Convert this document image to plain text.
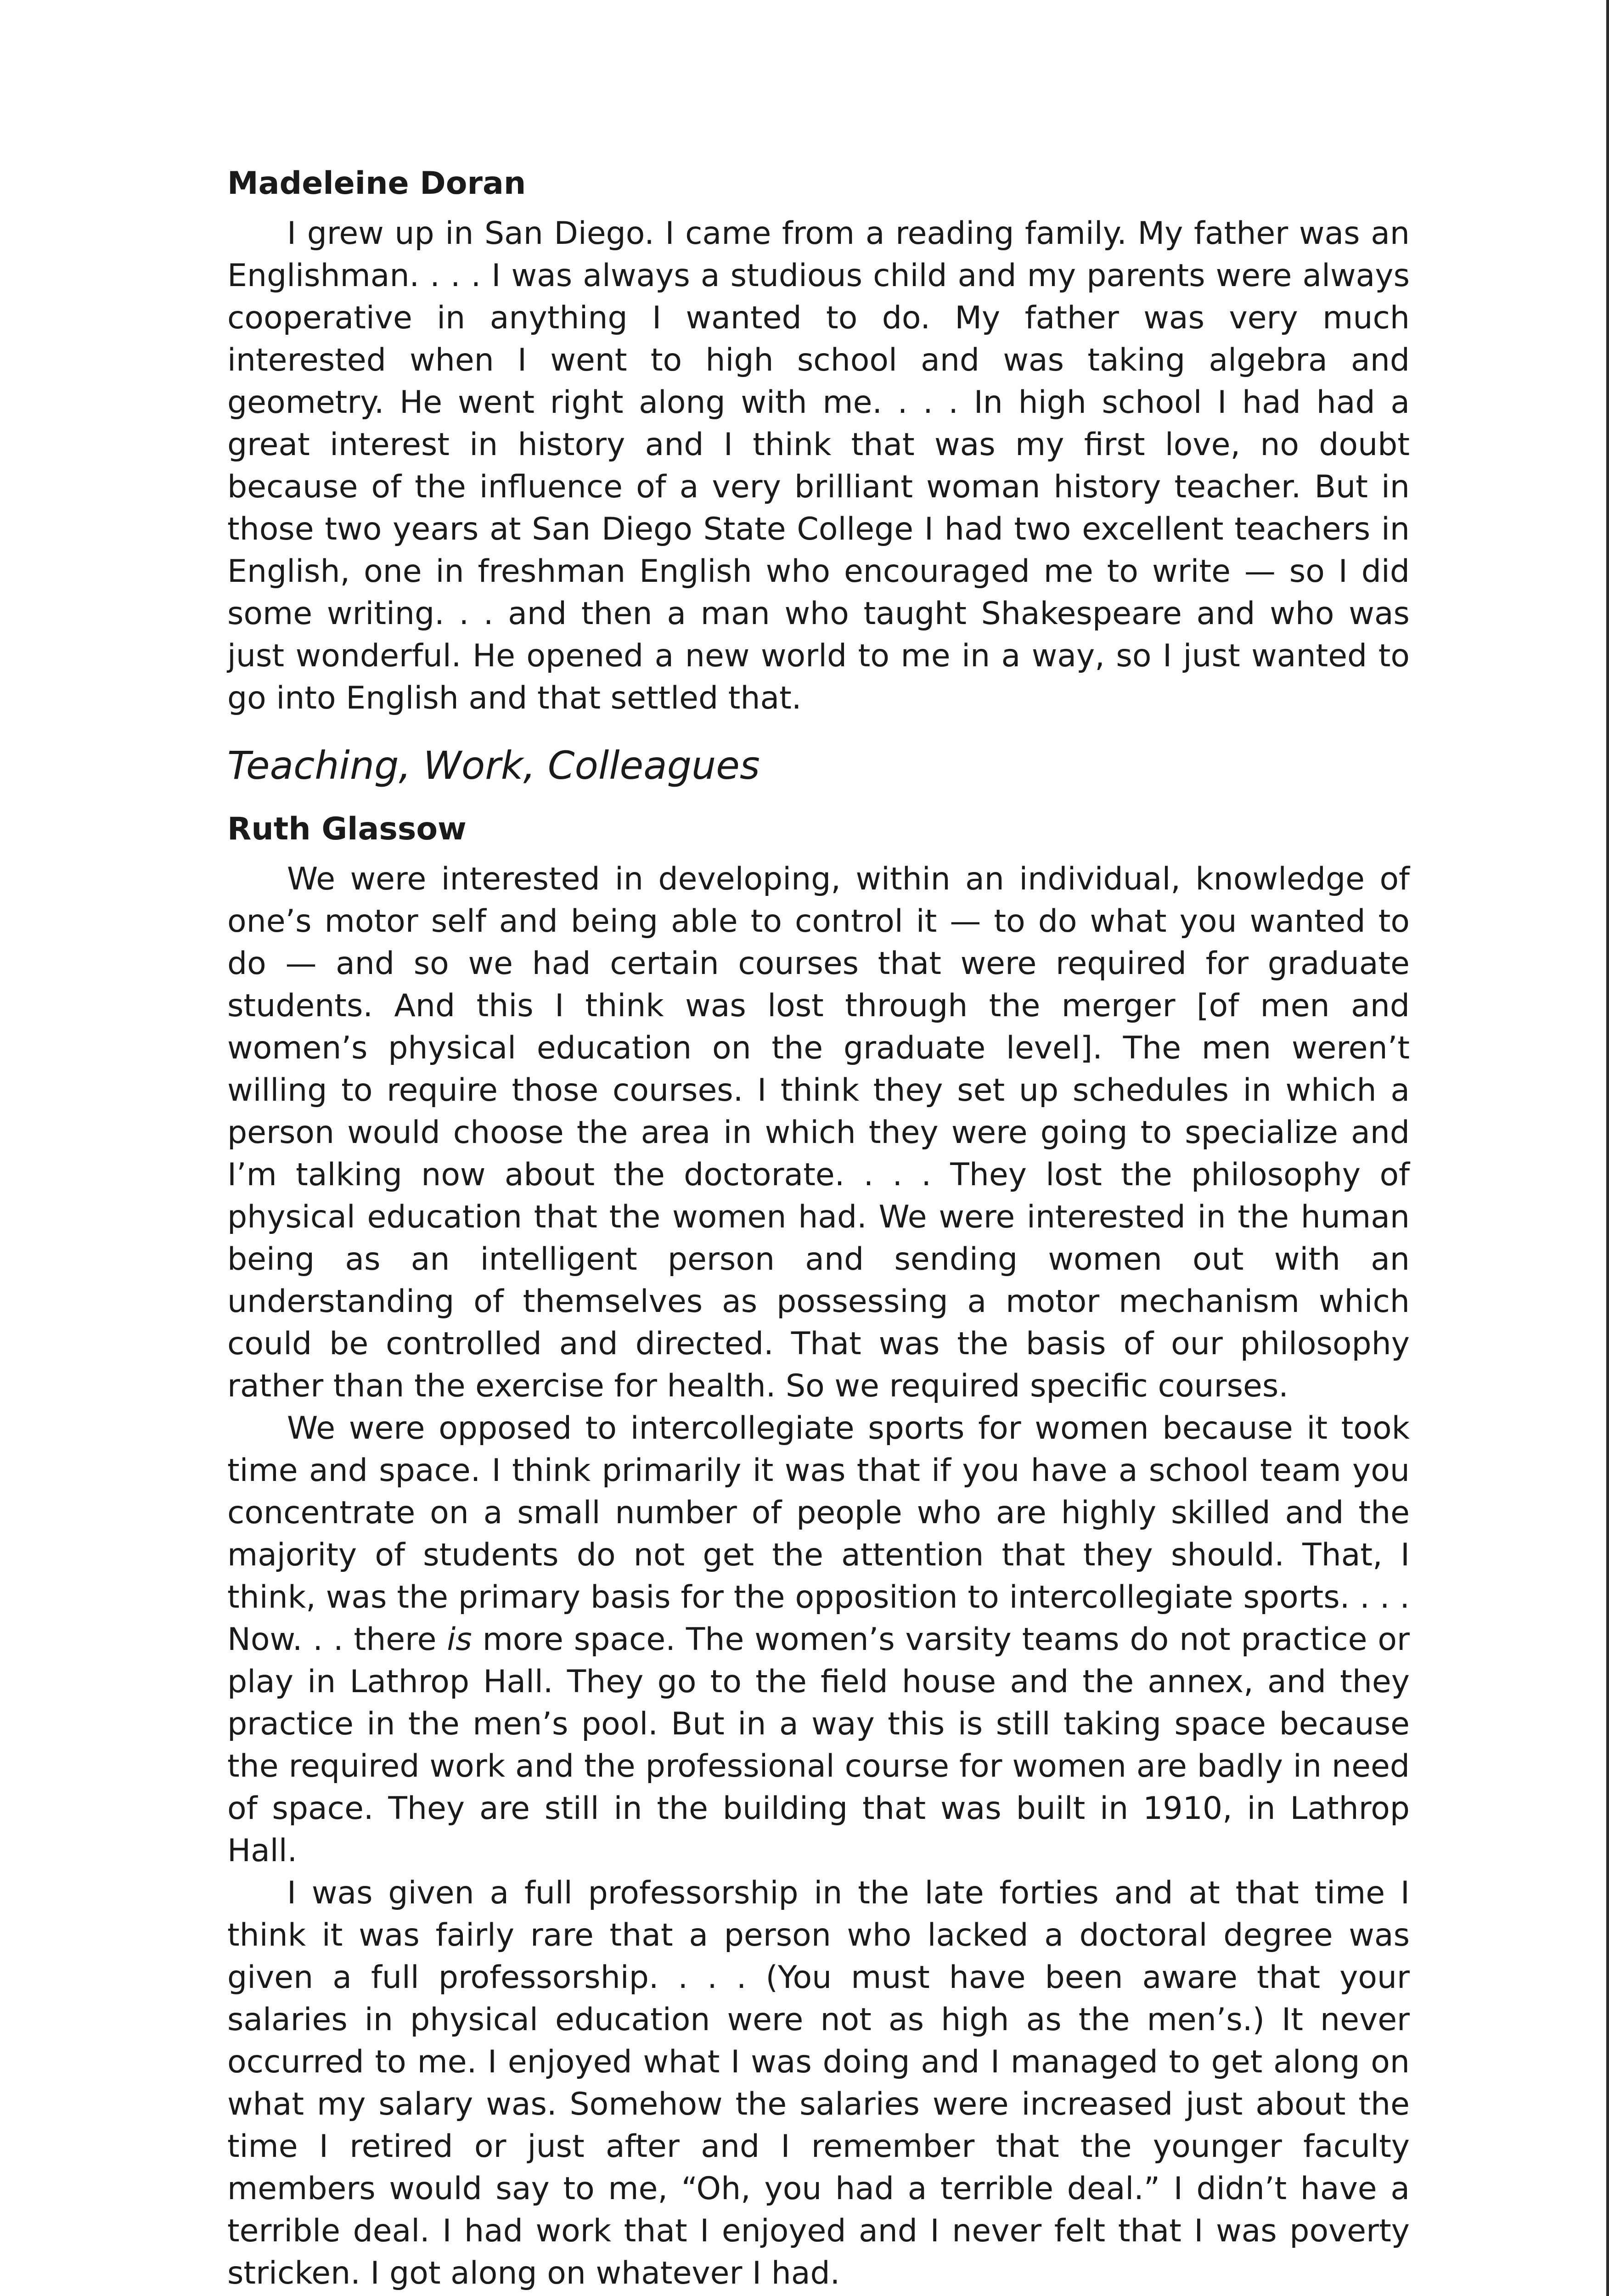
Madeleine Doran

I grew up in San Diego. I came from a reading family. My father was an Englishman. . . . I was always a studious child and my parents were always cooperative in anything I wanted to do. My father was very much interested when I went to high school and was taking algebra and geometry. He went right along with me. . . . In high school I had had a great interest in history and I think that was my first love, no doubt because of the influence of a very brilliant woman history teacher. But in those two years at San Diego State College I had two excellent teachers in English, one in freshman English who encouraged me to write — so I did some writing. . . and then a man who taught Shakespeare and who was just wonderful. He opened a new world to me in a way, so I just wanted to go into English and that settled that.

Teaching, Work, Colleagues
Ruth Glassow

We were interested in developing, within an individual, knowledge of one’s motor self and being able to control it — to do what you wanted to do — and so we had certain courses that were required for graduate students. And this I think was lost through the merger [of men and women’s physical education on the graduate level]. The men weren’t willing to require those courses. I think they set up schedules in which a person would choose the area in which they were going to specialize and I’m talking now about the doctorate. . . . They lost the philosophy of physical education that the women had. We were interested in the human being as an intelligent person and sending women out with an understanding of themselves as possessing a motor mechanism which could be controlled and directed. That was the basis of our philosophy rather than the exercise for health. So we required specific courses.

We were opposed to intercollegiate sports for women because it took time and space. I think primarily it was that if you have a school team you concentrate on a small number of people who are highly skilled and the majority of students do not get the attention that they should. That, I think, was the primary basis for the opposition to intercollegiate sports. . . . Now. . . there is more space. The women’s varsity teams do not practice or play in Lathrop Hall. They go to the field house and the annex, and they practice in the men’s pool. But in a way this is still taking space because the required work and the professional course for women are badly in need of space. They are still in the building that was built in 1910, in Lathrop Hall.

I was given a full professorship in the late forties and at that time I think it was fairly rare that a person who lacked a doctoral degree was given a full professorship. . . . (You must have been aware that your salaries in physical education were not as high as the men’s.) It never occurred to me. I enjoyed what I was doing and I managed to get along on what my salary was. Somehow the salaries were increased just about the time I retired or just after and I remember that the younger faculty members would say to me, “Oh, you had a terrible deal.” I didn’t have a terrible deal. I had work that I enjoyed and I never felt that I was poverty stricken. I got along on whatever I had.
